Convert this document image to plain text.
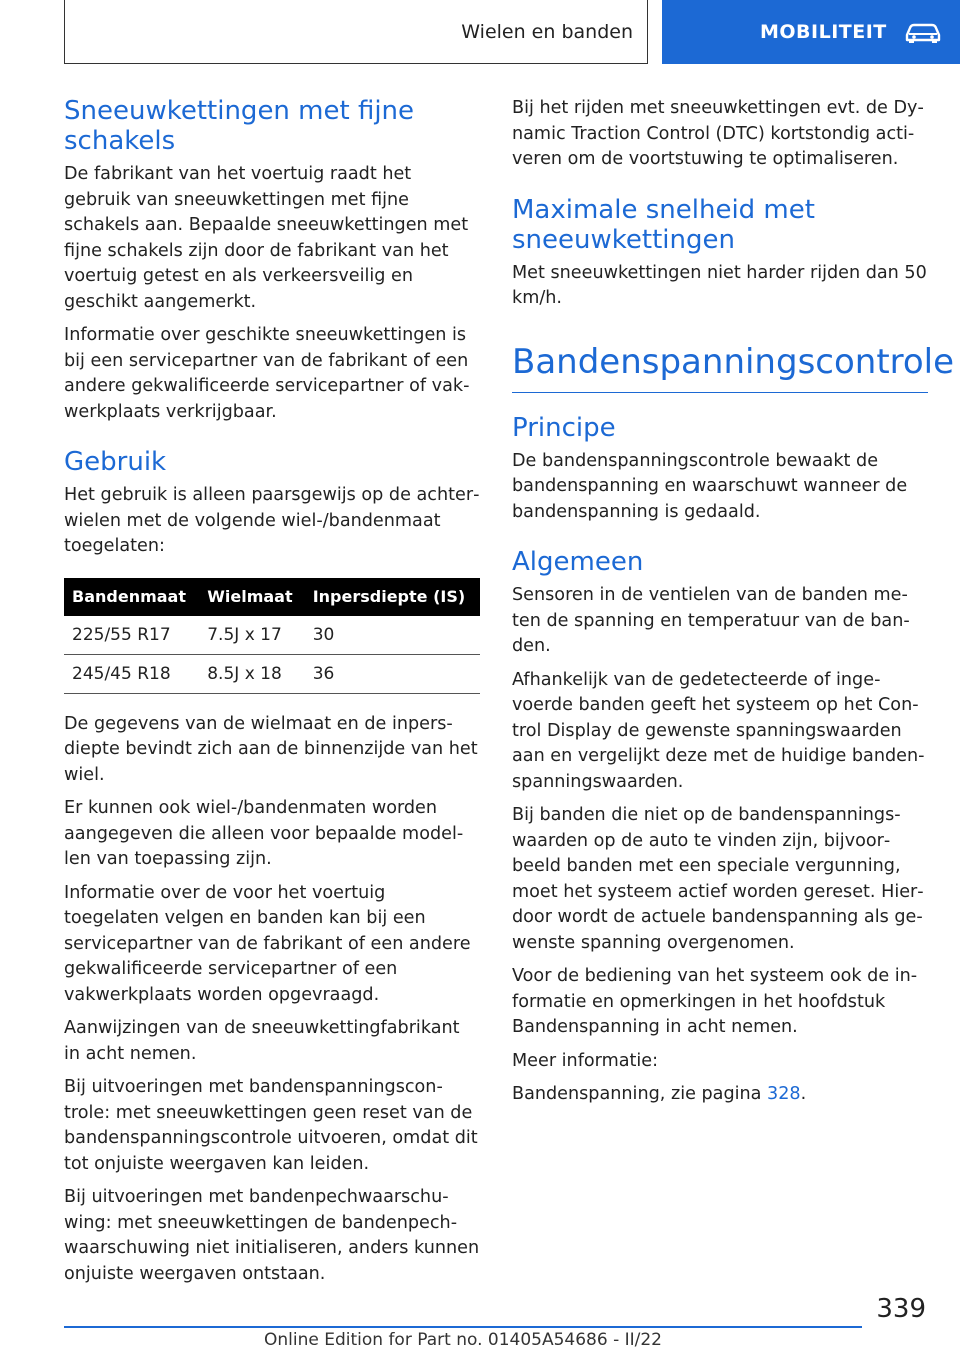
Wielen en banden	MOBILITEIT
Sneeuwkettingen met fijne schakels

De fabrikant van het voertuig raadt het gebruik van sneeuwkettingen met fijne schakels aan. Bepaalde sneeuwkettingen met fijne schakels zijn door de fabrikant van het voertuig getest en als verkeersveilig en geschikt aangemerkt.

Informatie over geschikte sneeuwkettingen is bij een servicepartner van de fabrikant of een andere gekwalificeerde servicepartner of vakwerkplaats verkrijgbaar.

Gebruik

Het gebruik is alleen paarsgewijs op de achterwielen met de volgende wiel-/bandenmaat toegelaten:

Bandenmaat	Wielmaat	Inpersdiepte (IS)
225/55 R17	7.5J x 17	30
245/45 R18	8.5J x 18	36

De gegevens van de wielmaat en de inpersdiepte bevindt zich aan de binnenzijde van het wiel.

Er kunnen ook wiel-/bandenmaten worden aangegeven die alleen voor bepaalde modellen van toepassing zijn.

Informatie over de voor het voertuig toegelaten velgen en banden kan bij een servicepartner van de fabrikant of een andere gekwalificeerde servicepartner of een vakwerkplaats worden opgevraagd.

Aanwijzingen van de sneeuwkettingfabrikant in acht nemen.

Bij uitvoeringen met bandenspanningscontrole: met sneeuwkettingen geen reset van de bandenspanningscontrole uitvoeren, omdat dit tot onjuiste weergaven kan leiden.

Bij uitvoeringen met bandenpechwaarschuwing: met sneeuwkettingen de bandenpechwaarschuwing niet initialiseren, anders kunnen onjuiste weergaven ontstaan.

Bij het rijden met sneeuwkettingen evt. de Dynamic Traction Control (DTC) kortstondig activeren om de voortstuwing te optimaliseren.

Maximale snelheid met sneeuwkettingen

Met sneeuwkettingen niet harder rijden dan 50 km/h.

Bandenspanningscontrole
Principe

De bandenspanningscontrole bewaakt de bandenspanning en waarschuwt wanneer de bandenspanning is gedaald.

Algemeen

Sensoren in de ventielen van de banden meten de spanning en temperatuur van de banden.

Afhankelijk van de gedetecteerde of ingevoerde banden geeft het systeem op het Control Display de gewenste spanningswaarden aan en vergelijkt deze met de huidige bandenspanningswaarden.

Bij banden die niet op de bandenspanningswaarden op de auto te vinden zijn, bijvoorbeeld banden met een speciale vergunning, moet het systeem actief worden gereset. Hierdoor wordt de actuele bandenspanning als gewenste spanning overgenomen.

Voor de bediening van het systeem ook de informatie en opmerkingen in het hoofdstuk Bandenspanning in acht nemen.

Meer informatie:

Bandenspanning, zie pagina 328.

339
Online Edition for Part no. 01405A54686 - II/22
